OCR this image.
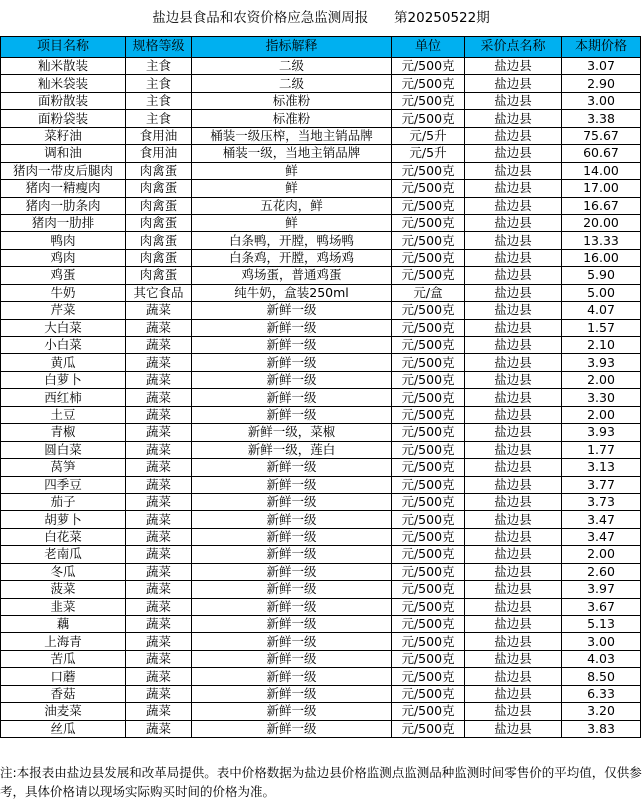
盐边县食品和农资价格应急监测周报      第20250522期
项目名称	规格等级	指标解释	单位	采价点名称	本期价格
籼米散装	主食	二级	元/500克	盐边县	3.07
籼米袋装	主食	二级	元/500克	盐边县	2.90
面粉散装	主食	标准粉	元/500克	盐边县	3.00
面粉袋装	主食	标准粉	元/500克	盐边县	3.38
菜籽油	食用油	桶装一级压榨，当地主销品牌	元/5升	盐边县	75.67
调和油	食用油	桶装一级，当地主销品牌	元/5升	盐边县	60.67
猪肉一带皮后腿肉	肉禽蛋	鲜	元/500克	盐边县	14.00
猪肉一精瘦肉	肉禽蛋	鲜	元/500克	盐边县	17.00
猪肉一肋条肉	肉禽蛋	五花肉，鲜	元/500克	盐边县	16.67
猪肉一肋排	肉禽蛋	鲜	元/500克	盐边县	20.00
鸭肉	肉禽蛋	白条鸭，开膛，鸭场鸭	元/500克	盐边县	13.33
鸡肉	肉禽蛋	白条鸡，开膛，鸡场鸡	元/500克	盐边县	16.00
鸡蛋	肉禽蛋	鸡场蛋，普通鸡蛋	元/500克	盐边县	5.90
牛奶	其它食品	纯牛奶，盒装250ml	元/盒	盐边县	5.00
芹菜	蔬菜	新鲜一级	元/500克	盐边县	4.07
大白菜	蔬菜	新鲜一级	元/500克	盐边县	1.57
小白菜	蔬菜	新鲜一级	元/500克	盐边县	2.10
黄瓜	蔬菜	新鲜一级	元/500克	盐边县	3.93
白萝卜	蔬菜	新鲜一级	元/500克	盐边县	2.00
西红柿	蔬菜	新鲜一级	元/500克	盐边县	3.30
土豆	蔬菜	新鲜一级	元/500克	盐边县	2.00
青椒	蔬菜	新鲜一级，菜椒	元/500克	盐边县	3.93
圆白菜	蔬菜	新鲜一级，莲白	元/500克	盐边县	1.77
莴笋	蔬菜	新鲜一级	元/500克	盐边县	3.13
四季豆	蔬菜	新鲜一级	元/500克	盐边县	3.77
茄子	蔬菜	新鲜一级	元/500克	盐边县	3.73
胡萝卜	蔬菜	新鲜一级	元/500克	盐边县	3.47
白花菜	蔬菜	新鲜一级	元/500克	盐边县	3.47
老南瓜	蔬菜	新鲜一级	元/500克	盐边县	2.00
冬瓜	蔬菜	新鲜一级	元/500克	盐边县	2.60
菠菜	蔬菜	新鲜一级	元/500克	盐边县	3.97
韭菜	蔬菜	新鲜一级	元/500克	盐边县	3.67
藕	蔬菜	新鲜一级	元/500克	盐边县	5.13
上海青	蔬菜	新鲜一级	元/500克	盐边县	3.00
苦瓜	蔬菜	新鲜一级	元/500克	盐边县	4.03
口蘑	蔬菜	新鲜一级	元/500克	盐边县	8.50
香菇	蔬菜	新鲜一级	元/500克	盐边县	6.33
油麦菜	蔬菜	新鲜一级	元/500克	盐边县	3.20
丝瓜	蔬菜	新鲜一级	元/500克	盐边县	3.83
注:本报表由盐边县发展和改革局提供。表中价格数据为盐边县价格监测点监测品种监测时间零售价的平均值，仅供参考，具体价格请以现场实际购买时间的价格为准。
